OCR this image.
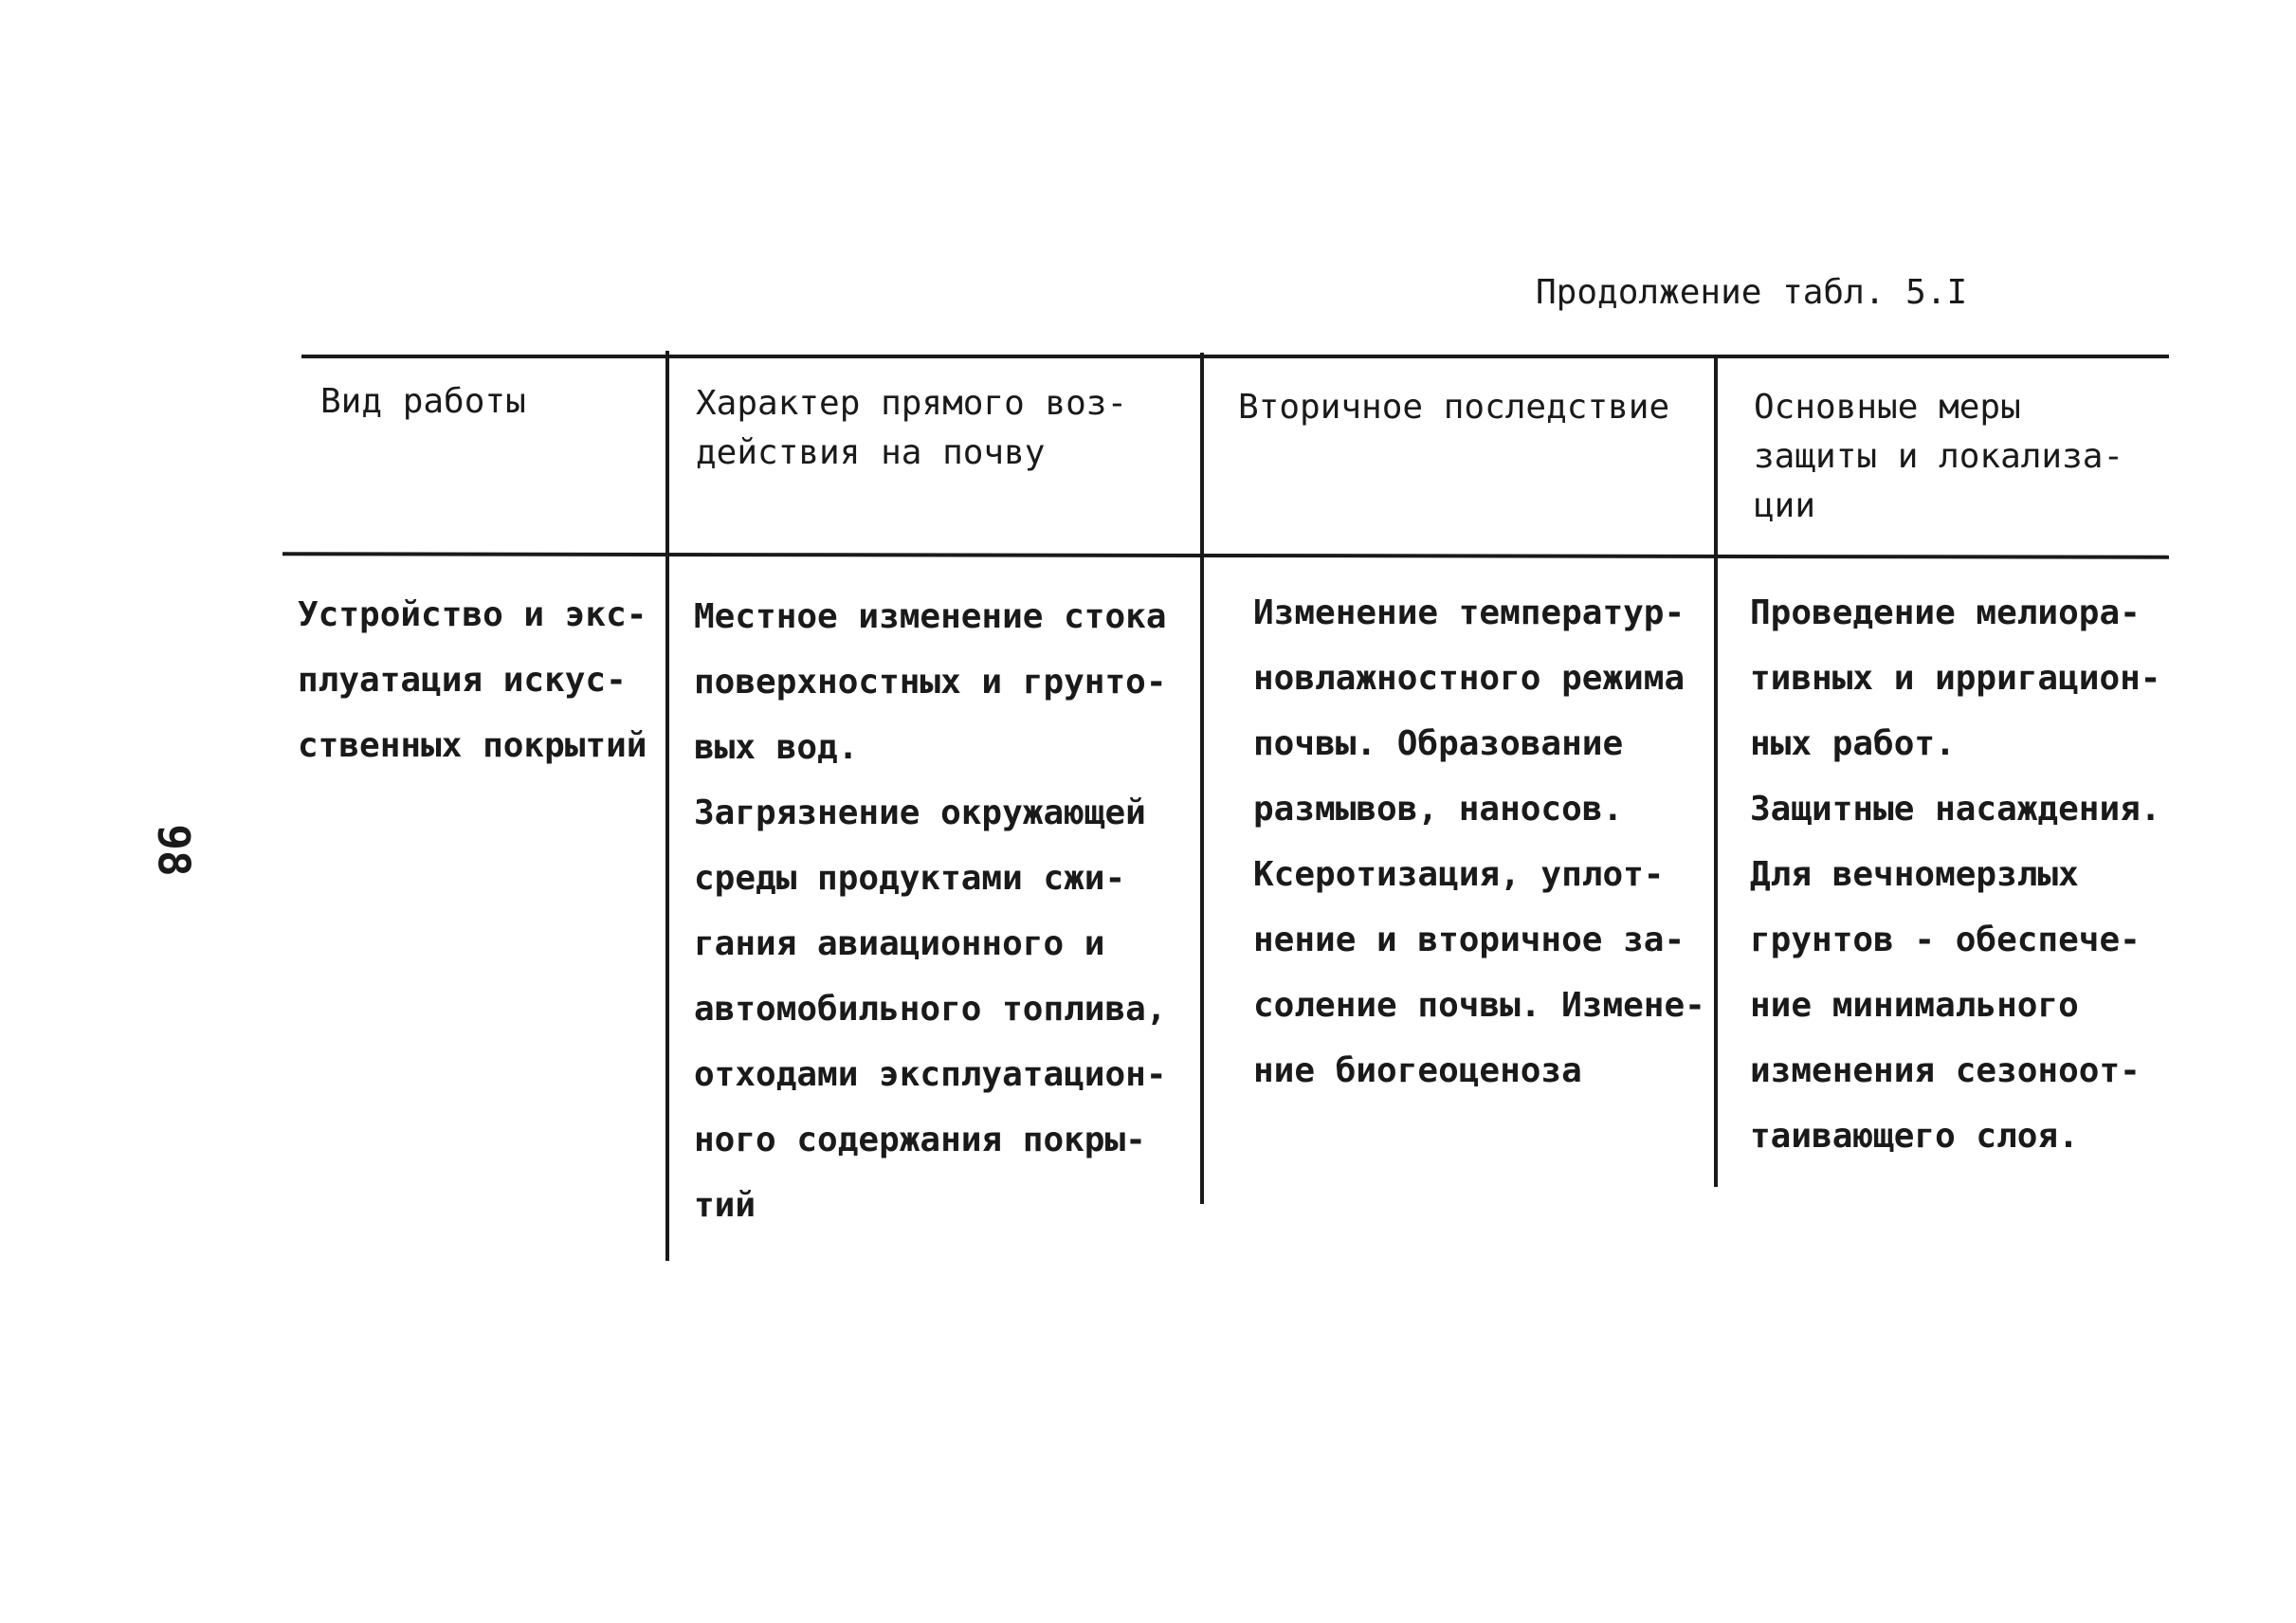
Продолжение табл. 5.I
98
Вид работы	Характер прямого воз-
действия на почву
Вторичное последствие Основные меры
защиты и локализа-
ции
Устройство и экс-
плуатация искус-
ственных покрытий
Местное изменение стока
поверхностных и грунто-
вых вод.
Загрязнение окружающей
среды продуктами сжи-
гания авиационного и
автомобильного топлива,
отходами эксплуатацион-
ного содержания покры-
тий
Изменение температур-
новлажностного режима
почвы. Образование
размывов, наносов.
Ксеротизация, уплот-
нение и вторичное за-
соление почвы. Измене-
ние биогеоценоза
Проведение мелиора-
тивных и ирригацион-
ных работ.
Защитные насаждения.
Для вечномерзлых
грунтов - обеспече-
ние минимального
изменения сезоноот-
таивающего слоя.
